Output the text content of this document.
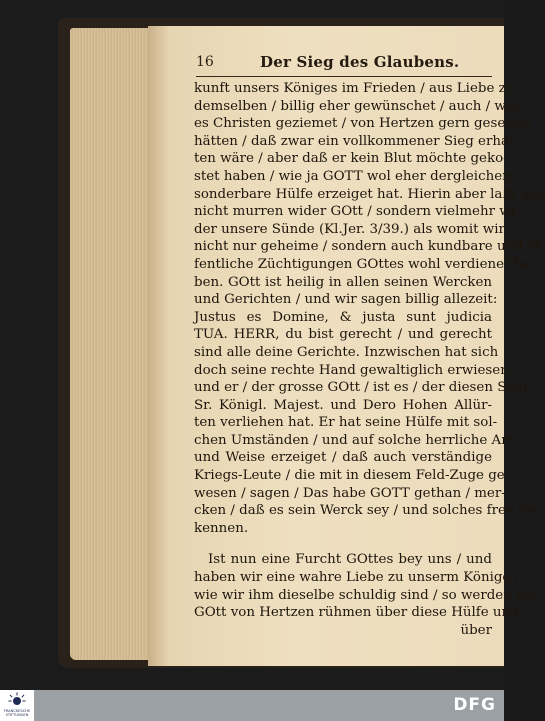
16	Der Sieg des Glaubens.
kunft unsers Königes im Frieden / aus Liebe zu
demselben / billig eher gewünschet / auch / wie
es Christen geziemet / von Hertzen gern gesehen
hätten / daß zwar ein vollkommener Sieg erhal-
ten wäre / aber daß er kein Blut möchte geko-
stet haben / wie ja GOTT wol eher dergleichen
sonderbare Hülfe erzeiget hat. Hierin aber laßt uns
nicht murren wider GOtt / sondern vielmehr wi-
der unsere Sünde (Kl.Jer. 3/39.) als womit wir
nicht nur geheime / sondern auch kundbare und öf-
fentliche Züchtigungen GOttes wohl verdienet ha-
ben. GOtt ist heilig in allen seinen Wercken
und Gerichten / und wir sagen billig allezeit:
Justus es Domine, & justa sunt judicia
TUA. HERR, du bist gerecht / und gerecht
sind alle deine Gerichte. Inzwischen hat sich
doch seine rechte Hand gewaltiglich erwiesen /
und er / der grosse GOtt / ist es / der diesen Sieg
Sr. Königl. Majest. und Dero Hohen Allür-
ten verliehen hat. Er hat seine Hülfe mit sol-
chen Umständen / und auf solche herrliche Art
und Weise erzeiget / daß auch verständige
Kriegs-Leute / die mit in diesem Feld-Zuge ge-
wesen / sagen / Das habe GOTT gethan / mer-
cken / daß es sein Werck sey / und solches frey be-
kennen.
Ist nun eine Furcht GOttes bey uns / und
haben wir eine wahre Liebe zu unserm Könige /
wie wir ihm dieselbe schuldig sind / so werden wir
GOtt von Hertzen rühmen über diese Hülfe und
über
FRANCKESCHE STIFTUNGEN	DFG
